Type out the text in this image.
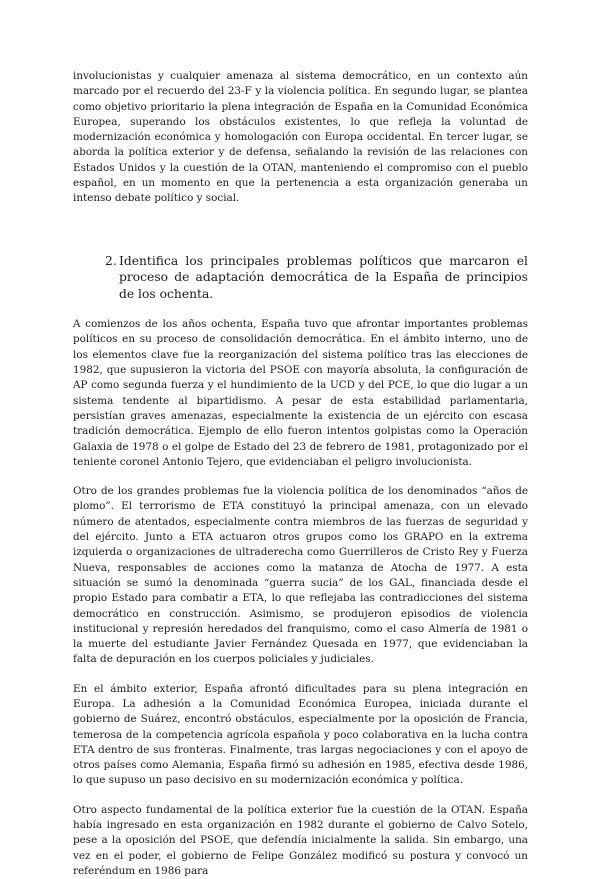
involucionistas y cualquier amenaza al sistema democrático, en un contexto aún marcado por el recuerdo del 23-F y la violencia política. En segundo lugar, se plantea como objetivo prioritario la plena integración de España en la Comunidad Económica Europea, superando los obstáculos existentes, lo que refleja la voluntad de modernización económica y homologación con Europa occidental. En tercer lugar, se aborda la política exterior y de defensa, señalando la revisión de las relaciones con Estados Unidos y la cuestión de la OTAN, manteniendo el compromiso con el pueblo español, en un momento en que la pertenencia a esta organización generaba un intenso debate político y social.

2. Identifica los principales problemas políticos que marcaron el proceso de adaptación democrática de la España de principios de los ochenta.

A comienzos de los años ochenta, España tuvo que afrontar importantes problemas políticos en su proceso de consolidación democrática. En el ámbito interno, uno de los elementos clave fue la reorganización del sistema político tras las elecciones de 1982, que supusieron la victoria del PSOE con mayoría absoluta, la configuración de AP como segunda fuerza y el hundimiento de la UCD y del PCE, lo que dio lugar a un sistema tendente al bipartidismo. A pesar de esta estabilidad parlamentaria, persistían graves amenazas, especialmente la existencia de un ejército con escasa tradición democrática. Ejemplo de ello fueron intentos golpistas como la Operación Galaxia de 1978 o el golpe de Estado del 23 de febrero de 1981, protagonizado por el teniente coronel Antonio Tejero, que evidenciaban el peligro involucionista.

Otro de los grandes problemas fue la violencia política de los denominados “años de plomo”. El terrorismo de ETA constituyó la principal amenaza, con un elevado número de atentados, especialmente contra miembros de las fuerzas de seguridad y del ejército. Junto a ETA actuaron otros grupos como los GRAPO en la extrema izquierda o organizaciones de ultraderecha como Guerrilleros de Cristo Rey y Fuerza Nueva, responsables de acciones como la matanza de Atocha de 1977. A esta situación se sumó la denominada “guerra sucia” de los GAL, financiada desde el propio Estado para combatir a ETA, lo que reflejaba las contradicciones del sistema democrático en construcción. Asimismo, se produjeron episodios de violencia institucional y represión heredados del franquismo, como el caso Almería de 1981 o la muerte del estudiante Javier Fernández Quesada en 1977, que evidenciaban la falta de depuración en los cuerpos policiales y judiciales.

En el ámbito exterior, España afrontó dificultades para su plena integración en Europa. La adhesión a la Comunidad Económica Europea, iniciada durante el gobierno de Suárez, encontró obstáculos, especialmente por la oposición de Francia, temerosa de la competencia agrícola española y poco colaborativa en la lucha contra ETA dentro de sus fronteras. Finalmente, tras largas negociaciones y con el apoyo de otros países como Alemania, España firmó su adhesión en 1985, efectiva desde 1986, lo que supuso un paso decisivo en su modernización económica y política.

Otro aspecto fundamental de la política exterior fue la cuestión de la OTAN. España había ingresado en esta organización en 1982 durante el gobierno de Calvo Sotelo, pese a la oposición del PSOE, que defendía inicialmente la salida. Sin embargo, una vez en el poder, el gobierno de Felipe González modificó su postura y convocó un referéndum en 1986 para
